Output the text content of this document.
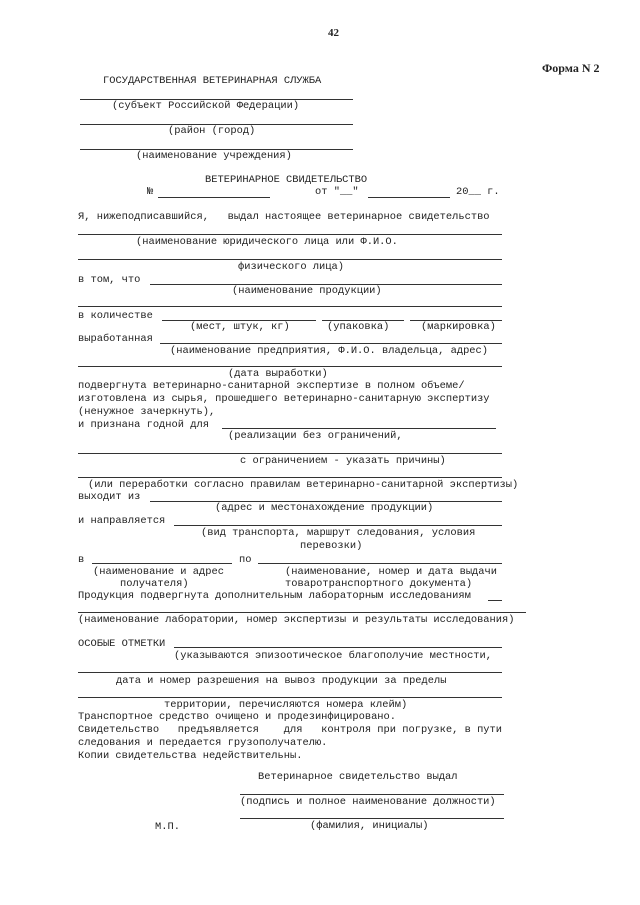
42
Форма N 2
ГОСУДАРСТВЕННАЯ ВЕТЕРИНАРНАЯ СЛУЖБА
(субъект Российской Федерации)
(район (город)
(наименование учреждения)
ВЕТЕРИНАРНОЕ СВИДЕТЕЛЬСТВО
№	от "__"	20__ г.
Я, нижеподписавшийся,   выдал настоящее ветеринарное свидетельство
(наименование юридического лица или Ф.И.О.
физического лица)
в том, что
(наименование продукции)
в количестве
(мест, штук, кг)	(упаковка)	(маркировка)
выработанная
(наименование предприятия, Ф.И.О. владельца, адрес)
(дата выработки)
подвергнута ветеринарно-санитарной экспертизе в полном объеме/
изготовлена из сырья, прошедшего ветеринарно-санитарную экспертизу
(ненужное зачеркнуть),
и признана годной для
(реализации без ограничений,
с ограничением - указать причины)
(или переработки согласно правилам ветеринарно-санитарной экспертизы)
выходит из
(адрес и местонахождение продукции)
и направляется
(вид транспорта, маршрут следования, условия
перевозки)
в	по
(наименование и адрес
получателя)
(наименование, номер и дата выдачи
товаротранспортного документа)
Продукция подвергнута дополнительным лабораторным исследованиям
(наименование лаборатории, номер экспертизы и результаты исследования)
ОСОБЫЕ ОТМЕТКИ
(указываются эпизоотическое благополучие местности,
дата и номер разрешения на вывоз продукции за пределы
территории, перечисляются номера клейм)
Транспортное средство очищено и продезинфицировано.
Свидетельство   предъявляется    для   контроля при погрузке, в пути
следования и передается грузополучателю.
Копии свидетельства недействительны.
Ветеринарное свидетельство выдал
(подпись и полное наименование должности)
М.П.	(фамилия, инициалы)
